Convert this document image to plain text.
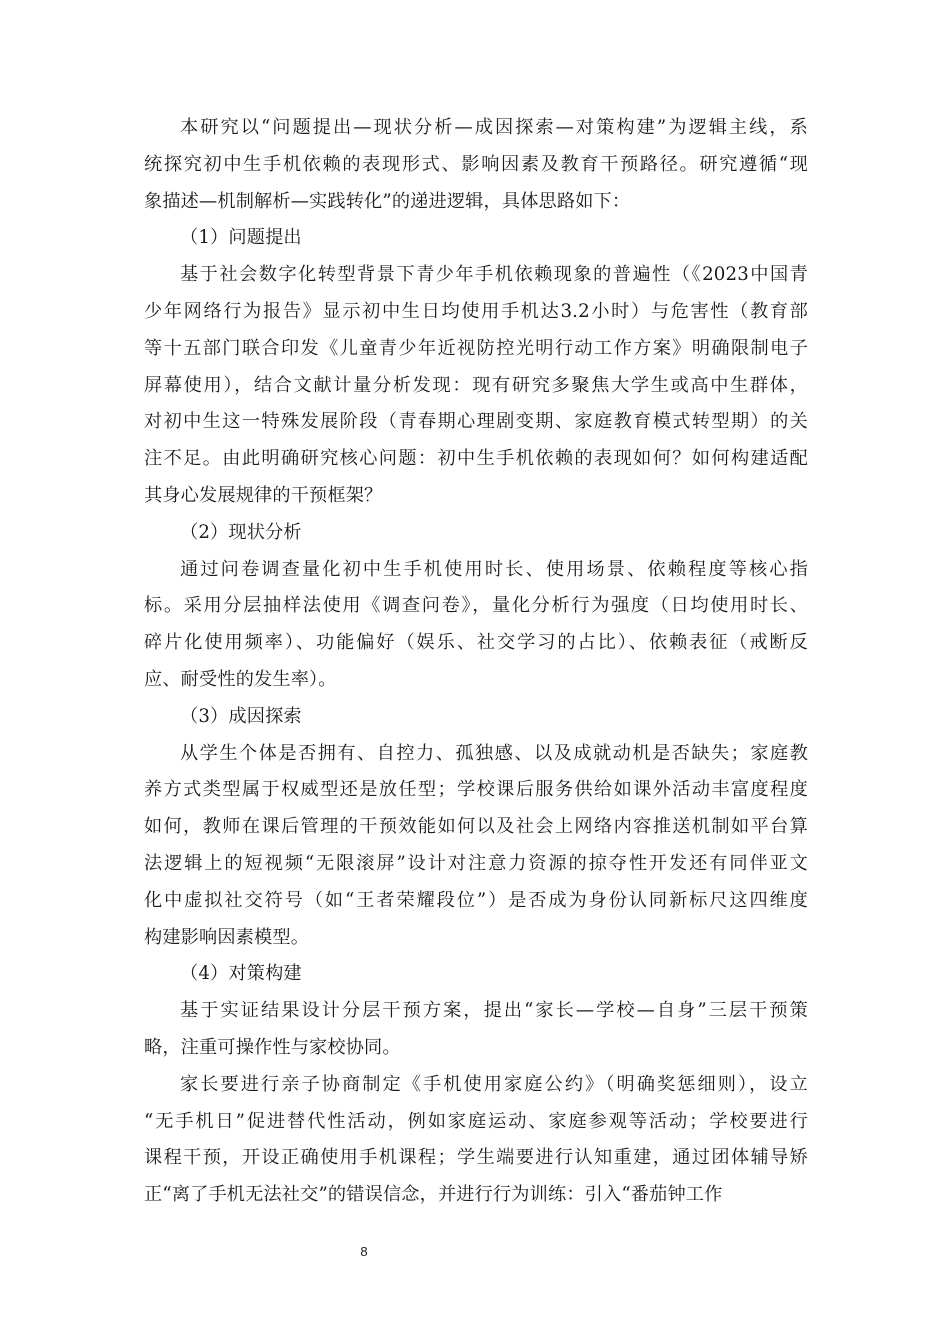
本研究以“问题提出—现状分析—成因探索—对策构建”为逻辑主线，系
统探究初中生手机依赖的表现形式、影响因素及教育干预路径。研究遵循“现
象描述—机制解析—实践转化”的递进逻辑，具体思路如下：
（1）问题提出
基于社会数字化转型背景下青少年手机依赖现象的普遍性（《2023中国青
少年网络行为报告》显示初中生日均使用手机达3.2小时）与危害性（教育部
等十五部门联合印发《儿童青少年近视防控光明行动工作方案》明确限制电子
屏幕使用），结合文献计量分析发现：现有研究多聚焦大学生或高中生群体，
对初中生这一特殊发展阶段（青春期心理剧变期、家庭教育模式转型期）的关
注不足。由此明确研究核心问题：初中生手机依赖的表现如何？如何构建适配
其身心发展规律的干预框架？
（2）现状分析
通过问卷调查量化初中生手机使用时长、使用场景、依赖程度等核心指
标。采用分层抽样法使用《调查问卷》，量化分析行为强度（日均使用时长、
碎片化使用频率）、功能偏好（娱乐、社交学习的占比）、依赖表征（戒断反
应、耐受性的发生率）。
（3）成因探索
从学生个体是否拥有、自控力、孤独感、以及成就动机是否缺失；家庭教
养方式类型属于权威型还是放任型；学校课后服务供给如课外活动丰富度程度
如何，教师在课后管理的干预效能如何以及社会上网络内容推送机制如平台算
法逻辑上的短视频“无限滚屏”设计对注意力资源的掠夺性开发还有同伴亚文
化中虚拟社交符号（如“王者荣耀段位”）是否成为身份认同新标尺这四维度
构建影响因素模型。
（4）对策构建
基于实证结果设计分层干预方案，提出“家长—学校—自身”三层干预策
略，注重可操作性与家校协同。
家长要进行亲子协商制定《手机使用家庭公约》（明确奖惩细则），设立
“无手机日”促进替代性活动，例如家庭运动、家庭参观等活动；学校要进行
课程干预，开设正确使用手机课程；学生端要进行认知重建，通过团体辅导矫
正“离了手机无法社交”的错误信念，并进行行为训练：引入“番茄钟工作
8
